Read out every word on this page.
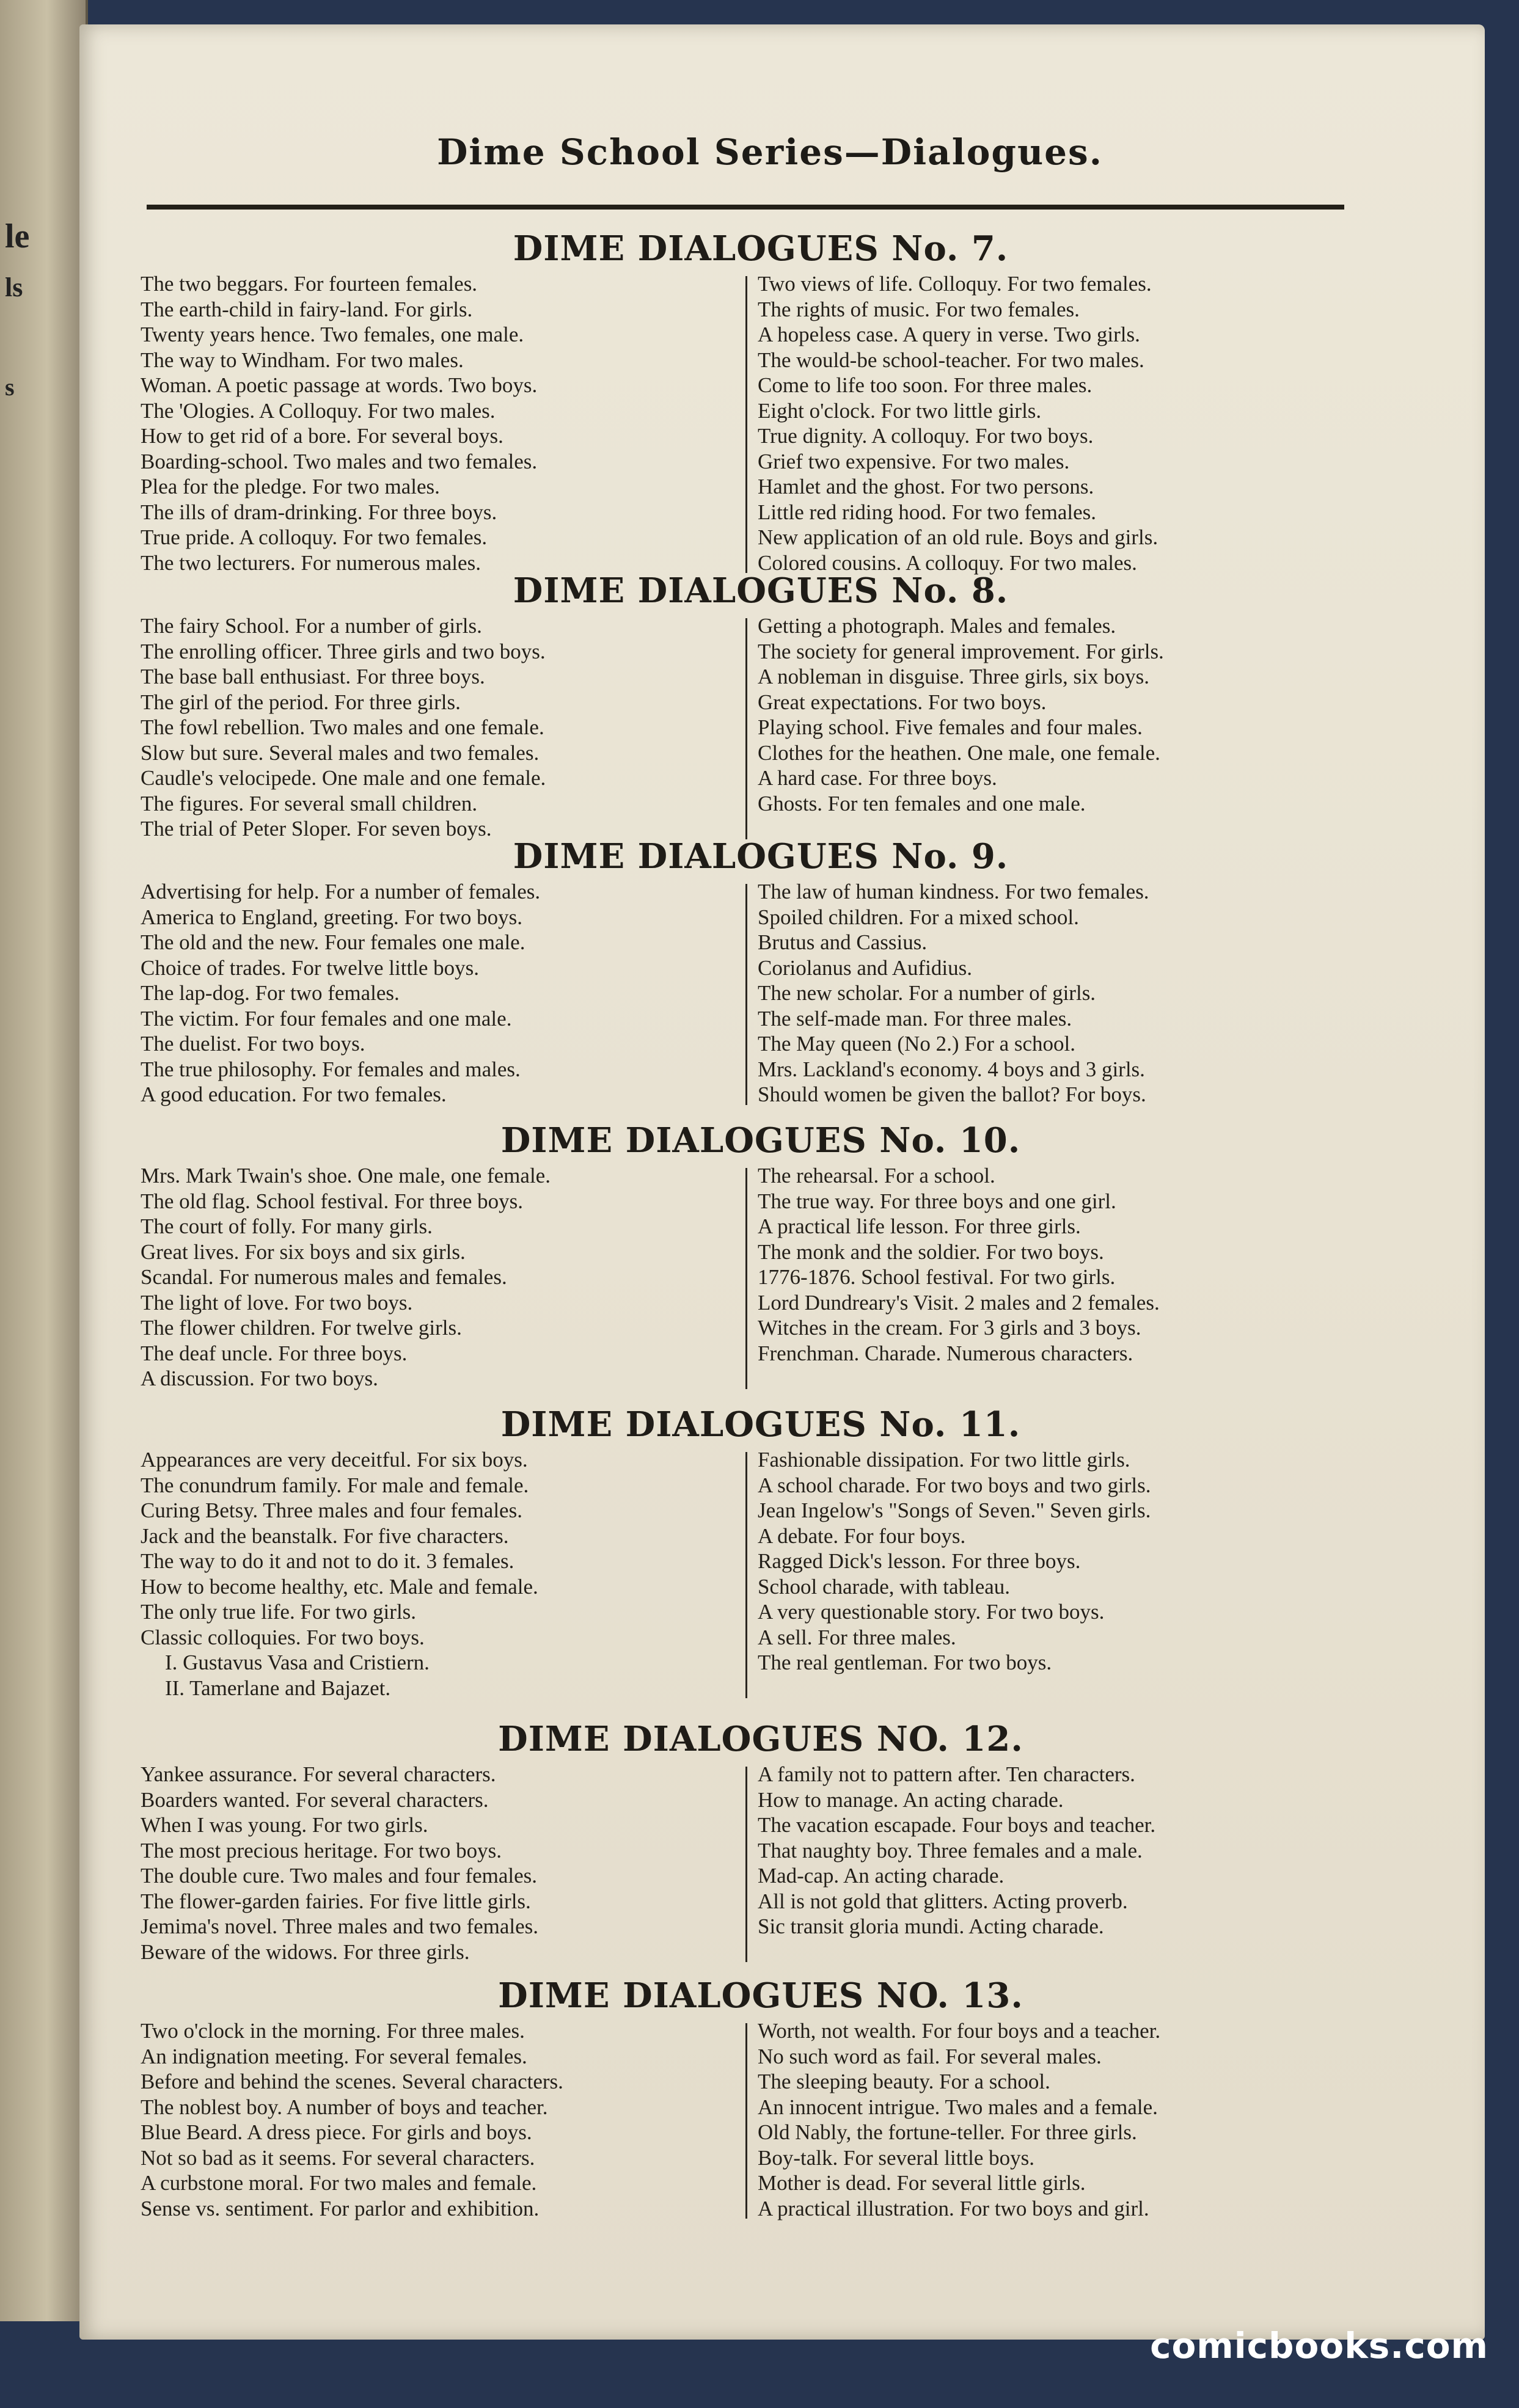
le
ls
s
Dime School Series—Dialogues.
DIME DIALOGUES No. 7.
The two beggars. For fourteen females.
The earth-child in fairy-land. For girls.
Twenty years hence. Two females, one male.
The way to Windham. For two males.
Woman. A poetic passage at words. Two boys.
The 'Ologies. A Colloquy. For two males.
How to get rid of a bore. For several boys.
Boarding-school. Two males and two females.
Plea for the pledge. For two males.
The ills of dram-drinking. For three boys.
True pride. A colloquy. For two females.
The two lecturers. For numerous males.
Two views of life. Colloquy. For two females.
The rights of music. For two females.
A hopeless case. A query in verse. Two girls.
The would-be school-teacher. For two males.
Come to life too soon. For three males.
Eight o'clock. For two little girls.
True dignity. A colloquy. For two boys.
Grief two expensive. For two males.
Hamlet and the ghost. For two persons.
Little red riding hood. For two females.
New application of an old rule. Boys and girls.
Colored cousins. A colloquy. For two males.
DIME DIALOGUES No. 8.
The fairy School. For a number of girls.
The enrolling officer. Three girls and two boys.
The base ball enthusiast. For three boys.
The girl of the period. For three girls.
The fowl rebellion. Two males and one female.
Slow but sure. Several males and two females.
Caudle's velocipede. One male and one female.
The figures. For several small children.
The trial of Peter Sloper. For seven boys.
Getting a photograph. Males and females.
The society for general improvement. For girls.
A nobleman in disguise. Three girls, six boys.
Great expectations. For two boys.
Playing school. Five females and four males.
Clothes for the heathen. One male, one female.
A hard case. For three boys.
Ghosts. For ten females and one male.
DIME DIALOGUES No. 9.
Advertising for help. For a number of females.
America to England, greeting. For two boys.
The old and the new. Four females one male.
Choice of trades. For twelve little boys.
The lap-dog. For two females.
The victim. For four females and one male.
The duelist. For two boys.
The true philosophy. For females and males.
A good education. For two females.
The law of human kindness. For two females.
Spoiled children. For a mixed school.
Brutus and Cassius.
Coriolanus and Aufidius.
The new scholar. For a number of girls.
The self-made man. For three males.
The May queen (No 2.) For a school.
Mrs. Lackland's economy. 4 boys and 3 girls.
Should women be given the ballot? For boys.
DIME DIALOGUES No. 10.
Mrs. Mark Twain's shoe. One male, one female.
The old flag. School festival. For three boys.
The court of folly. For many girls.
Great lives. For six boys and six girls.
Scandal. For numerous males and females.
The light of love. For two boys.
The flower children. For twelve girls.
The deaf uncle. For three boys.
A discussion. For two boys.
The rehearsal. For a school.
The true way. For three boys and one girl.
A practical life lesson. For three girls.
The monk and the soldier. For two boys.
1776-1876. School festival. For two girls.
Lord Dundreary's Visit. 2 males and 2 females.
Witches in the cream. For 3 girls and 3 boys.
Frenchman. Charade. Numerous characters.
DIME DIALOGUES No. 11.
Appearances are very deceitful. For six boys.
The conundrum family. For male and female.
Curing Betsy. Three males and four females.
Jack and the beanstalk. For five characters.
The way to do it and not to do it. 3 females.
How to become healthy, etc. Male and female.
The only true life. For two girls.
Classic colloquies. For two boys.
I. Gustavus Vasa and Cristiern.
II. Tamerlane and Bajazet.
Fashionable dissipation. For two little girls.
A school charade. For two boys and two girls.
Jean Ingelow's "Songs of Seven." Seven girls.
A debate. For four boys.
Ragged Dick's lesson. For three boys.
School charade, with tableau.
A very questionable story. For two boys.
A sell. For three males.
The real gentleman. For two boys.
DIME DIALOGUES NO. 12.
Yankee assurance. For several characters.
Boarders wanted. For several characters.
When I was young. For two girls.
The most precious heritage. For two boys.
The double cure. Two males and four females.
The flower-garden fairies. For five little girls.
Jemima's novel. Three males and two females.
Beware of the widows. For three girls.
A family not to pattern after. Ten characters.
How to manage. An acting charade.
The vacation escapade. Four boys and teacher.
That naughty boy. Three females and a male.
Mad-cap. An acting charade.
All is not gold that glitters. Acting proverb.
Sic transit gloria mundi. Acting charade.
DIME DIALOGUES NO. 13.
Two o'clock in the morning. For three males.
An indignation meeting. For several females.
Before and behind the scenes. Several characters.
The noblest boy. A number of boys and teacher.
Blue Beard. A dress piece. For girls and boys.
Not so bad as it seems. For several characters.
A curbstone moral. For two males and female.
Sense vs. sentiment. For parlor and exhibition.
Worth, not wealth. For four boys and a teacher.
No such word as fail. For several males.
The sleeping beauty. For a school.
An innocent intrigue. Two males and a female.
Old Nably, the fortune-teller. For three girls.
Boy-talk. For several little boys.
Mother is dead. For several little girls.
A practical illustration. For two boys and girl.
comicbooks.com
